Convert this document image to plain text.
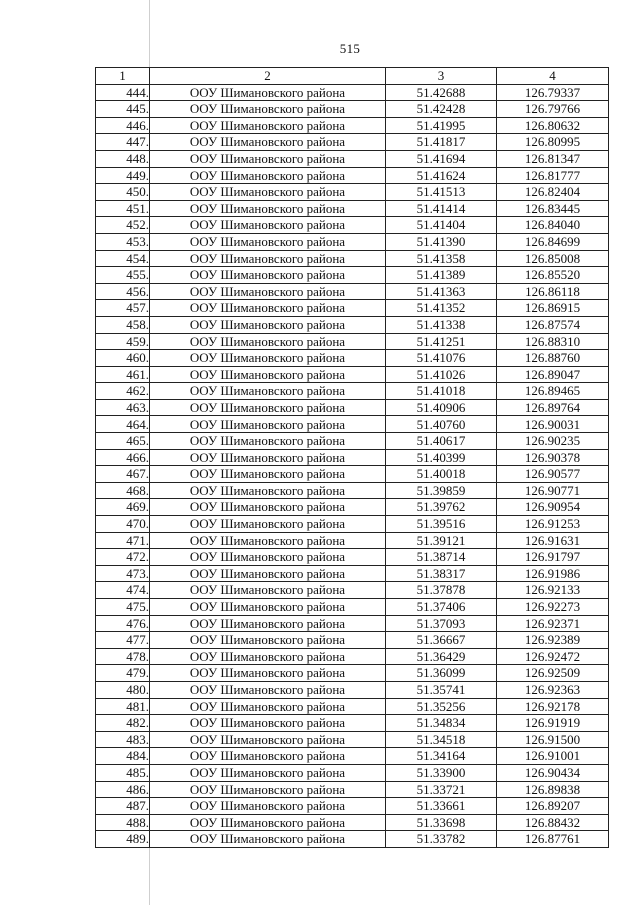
515
1	2	3	4
444.	ООУ Шимановского района	51.42688	126.79337
445.	ООУ Шимановского района	51.42428	126.79766
446.	ООУ Шимановского района	51.41995	126.80632
447.	ООУ Шимановского района	51.41817	126.80995
448.	ООУ Шимановского района	51.41694	126.81347
449.	ООУ Шимановского района	51.41624	126.81777
450.	ООУ Шимановского района	51.41513	126.82404
451.	ООУ Шимановского района	51.41414	126.83445
452.	ООУ Шимановского района	51.41404	126.84040
453.	ООУ Шимановского района	51.41390	126.84699
454.	ООУ Шимановского района	51.41358	126.85008
455.	ООУ Шимановского района	51.41389	126.85520
456.	ООУ Шимановского района	51.41363	126.86118
457.	ООУ Шимановского района	51.41352	126.86915
458.	ООУ Шимановского района	51.41338	126.87574
459.	ООУ Шимановского района	51.41251	126.88310
460.	ООУ Шимановского района	51.41076	126.88760
461.	ООУ Шимановского района	51.41026	126.89047
462.	ООУ Шимановского района	51.41018	126.89465
463.	ООУ Шимановского района	51.40906	126.89764
464.	ООУ Шимановского района	51.40760	126.90031
465.	ООУ Шимановского района	51.40617	126.90235
466.	ООУ Шимановского района	51.40399	126.90378
467.	ООУ Шимановского района	51.40018	126.90577
468.	ООУ Шимановского района	51.39859	126.90771
469.	ООУ Шимановского района	51.39762	126.90954
470.	ООУ Шимановского района	51.39516	126.91253
471.	ООУ Шимановского района	51.39121	126.91631
472.	ООУ Шимановского района	51.38714	126.91797
473.	ООУ Шимановского района	51.38317	126.91986
474.	ООУ Шимановского района	51.37878	126.92133
475.	ООУ Шимановского района	51.37406	126.92273
476.	ООУ Шимановского района	51.37093	126.92371
477.	ООУ Шимановского района	51.36667	126.92389
478.	ООУ Шимановского района	51.36429	126.92472
479.	ООУ Шимановского района	51.36099	126.92509
480.	ООУ Шимановского района	51.35741	126.92363
481.	ООУ Шимановского района	51.35256	126.92178
482.	ООУ Шимановского района	51.34834	126.91919
483.	ООУ Шимановского района	51.34518	126.91500
484.	ООУ Шимановского района	51.34164	126.91001
485.	ООУ Шимановского района	51.33900	126.90434
486.	ООУ Шимановского района	51.33721	126.89838
487.	ООУ Шимановского района	51.33661	126.89207
488.	ООУ Шимановского района	51.33698	126.88432
489.	ООУ Шимановского района	51.33782	126.87761
